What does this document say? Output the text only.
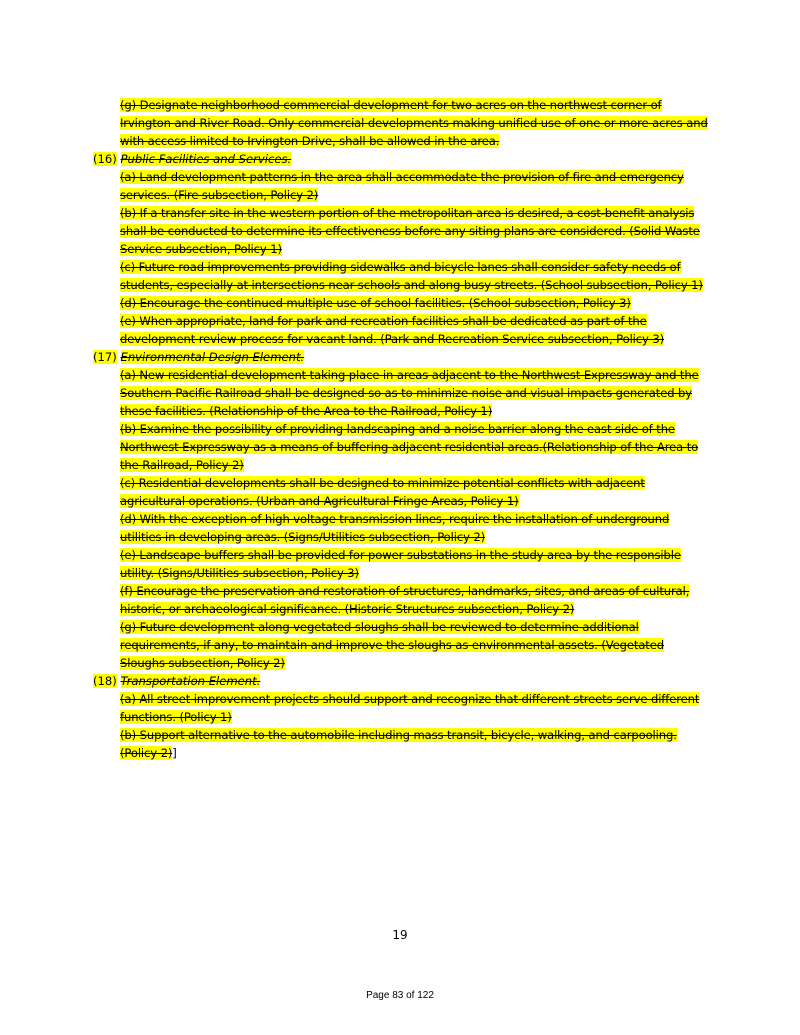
(g) Designate neighborhood commercial development for two acres on the northwest corner of Irvington and River Road. Only commercial developments making unified use of one or more acres and with access limited to Irvington Drive, shall be allowed in the area.
(16) Public Facilities and Services.
(a) Land development patterns in the area shall accommodate the provision of fire and emergency services. (Fire subsection, Policy 2)
(b) If a transfer site in the western portion of the metropolitan area is desired, a cost-benefit analysis shall be conducted to determine its effectiveness before any siting plans are considered. (Solid Waste Service subsection, Policy 1)
(c) Future road improvements providing sidewalks and bicycle lanes shall consider safety needs of students, especially at intersections near schools and along busy streets. (School subsection, Policy 1)
(d) Encourage the continued multiple use of school facilities. (School subsection, Policy 3)
(e) When appropriate, land for park and recreation facilities shall be dedicated as part of the development review process for vacant land. (Park and Recreation Service subsection, Policy 3)
(17) Environmental Design Element.
(a) New residential development taking place in areas adjacent to the Northwest Expressway and the Southern Pacific Railroad shall be designed so as to minimize noise and visual impacts generated by these facilities. (Relationship of the Area to the Railroad, Policy 1)
(b) Examine the possibility of providing landscaping and a noise barrier along the east side of the Northwest Expressway as a means of buffering adjacent residential areas.(Relationship of the Area to the Railroad, Policy 2)
(c) Residential developments shall be designed to minimize potential conflicts with adjacent agricultural operations. (Urban and Agricultural Fringe Areas, Policy 1)
(d) With the exception of high voltage transmission lines, require the installation of underground utilities in developing areas. (Signs/Utilities subsection, Policy 2)
(e) Landscape buffers shall be provided for power substations in the study area by the responsible utility. (Signs/Utilities subsection, Policy 3)
(f) Encourage the preservation and restoration of structures, landmarks, sites, and areas of cultural, historic, or archaeological significance. (Historic Structures subsection, Policy 2)
(g) Future development along vegetated sloughs shall be reviewed to determine additional requirements, if any, to maintain and improve the sloughs as environmental assets. (Vegetated Sloughs subsection, Policy 2)
(18) Transportation Element.
(a) All street improvement projects should support and recognize that different streets serve different functions. (Policy 1)
(b) Support alternative to the automobile including mass transit, bicycle, walking, and carpooling. (Policy 2)]
19
Page 83 of 122
